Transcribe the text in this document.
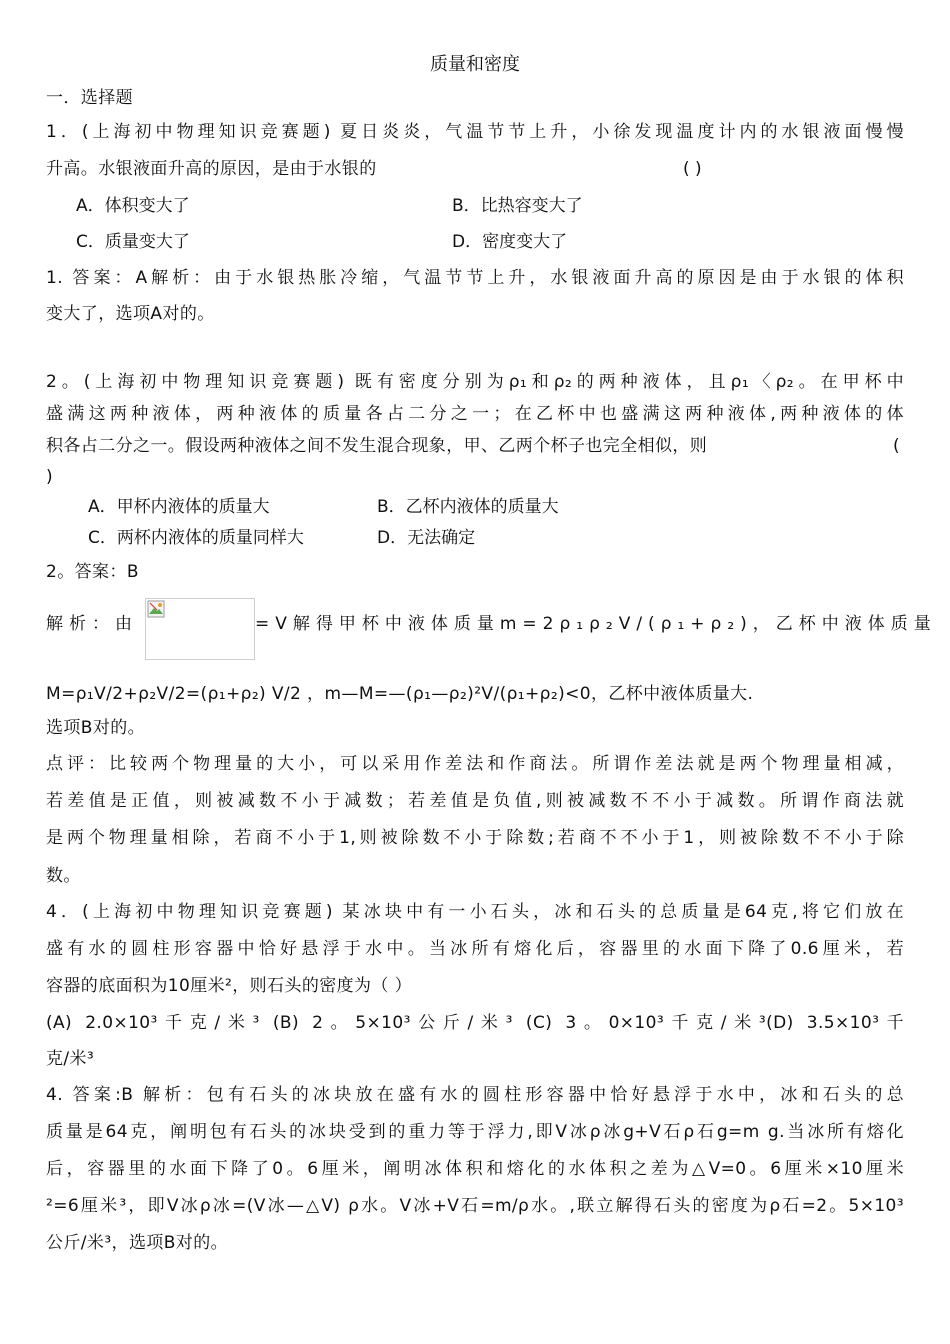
质量和密度
一．选择题
1．(上海初中物理知识竞赛题) 夏日炎炎，气温节节上升，小徐发现温度计内的水银液面慢慢
升高。水银液面升高的原因，是由于水银的	( )
A．体积变大了	B．比热容变大了
C．质量变大了	D．密度变大了
1. 答案：A解析：由于水银热胀冷缩，气温节节上升，水银液面升高的原因是由于水银的体积
变大了，选项A对的。
2。(上海初中物理知识竞赛题) 既有密度分别为ρ₁和ρ₂的两种液体，且ρ₁〈ρ₂。在甲杯中
盛满这两种液体，两种液体的质量各占二分之一；在乙杯中也盛满这两种液体,两种液体的体
积各占二分之一。假设两种液体之间不发生混合现象，甲、乙两个杯子也完全相似，则	(
)
A．甲杯内液体的质量大	B．乙杯内液体的质量大
C．两杯内液体的质量同样大	D．无法确定
2。答案：B
解析：由	=V解得甲杯中液体质量m=2ρ₁ρ₂V/(ρ₁+ρ₂)，乙杯中液体质量
M=ρ₁V/2+ρ₂V/2=(ρ₁+ρ₂) V/2 ，m—M=—(ρ₁—ρ₂)²V/(ρ₁+ρ₂)<0，乙杯中液体质量大.
选项B对的。
点评：比较两个物理量的大小，可以采用作差法和作商法。所谓作差法就是两个物理量相减，
若差值是正值，则被减数不小于减数；若差值是负值,则被减数不不小于减数。所谓作商法就
是两个物理量相除，若商不小于1,则被除数不小于除数;若商不不小于1，则被除数不不小于除
数。
4．(上海初中物理知识竞赛题) 某冰块中有一小石头，冰和石头的总质量是64克,将它们放在
盛有水的圆柱形容器中恰好悬浮于水中。当冰所有熔化后，容器里的水面下降了0.6厘米，若
容器的底面积为10厘米²，则石头的密度为（ ）
(A) 2.0×10³千克/米³ (B) 2。5×10³公斤/米³ (C) 3。0×10³千克/米³(D) 3.5×10³千
克/米³
4. 答案:B 解析：包有石头的冰块放在盛有水的圆柱形容器中恰好悬浮于水中，冰和石头的总
质量是64克，阐明包有石头的冰块受到的重力等于浮力,即V冰ρ冰g+V石ρ石g=m g.当冰所有熔化
后，容器里的水面下降了0。6厘米，阐明冰体积和熔化的水体积之差为△V=0。6厘米×10厘米
²=6厘米³，即V冰ρ冰=(V冰—△V) ρ水。V冰+V石=m/ρ水。,联立解得石头的密度为ρ石=2。5×10³
公斤/米³，选项B对的。
